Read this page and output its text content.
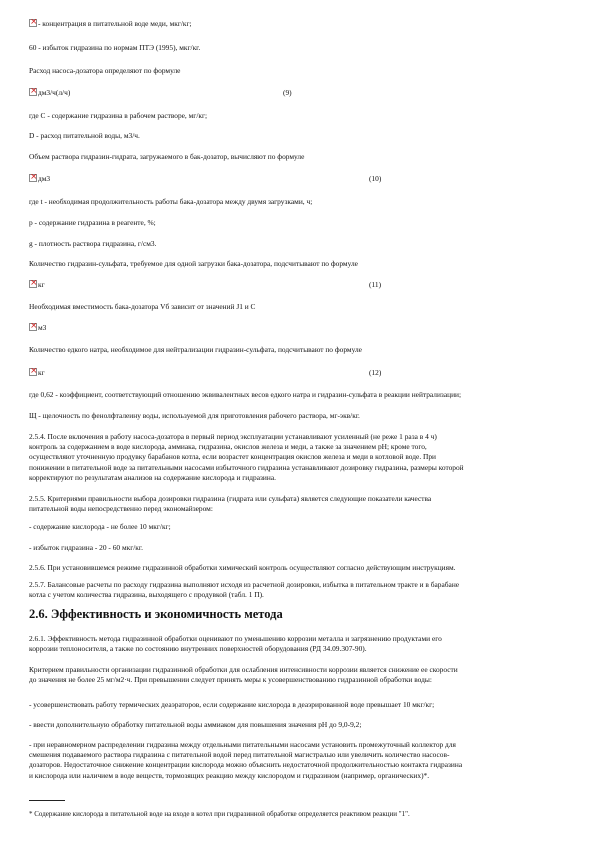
×- концентрация в питательной воде меди, мкг/кг;
60 - избыток гидразина по нормам ПТЭ (1995), мкг/кг.
Расход насоса-дозатора определяют по формуле
×дм3/ч(л/ч)	(9)
где C - содержание гидразина в рабочем растворе, мг/кг;
D - расход питательной воды, м3/ч.
Объем раствора гидразин-гидрата, загружаемого в бак-дозатор, вычисляют по формуле
×дм3	(10)
где t - необходимая продолжительность работы бака-дозатора между двумя загрузками, ч;
p - содержание гидразина в реагенте, %;
g - плотность раствора гидразина, г/см3.
Количество гидразин-сульфата, требуемое для одной загрузки бака-дозатора, подсчитывают по формуле
×кг	(11)
Необходимая вместимость бака-дозатора Vб зависит от значений J1 и C
×м3
Количество едкого натра, необходимое для нейтрализации гидразин-сульфата, подсчитывают по формуле
×кг	(12)
где 0,62 - коэффициент, соответствующий отношению эквивалентных весов едкого натра и гидразин-сульфата в реакции нейтрализации;
Щ - щелочность по фенолфталеину воды, используемой для приготовления рабочего раствора, мг-экв/кг.
2.5.4. После включения в работу насоса-дозатора в первый период эксплуатации устанавливают усиленный (не реже 1 раза в 4 ч)
контроль за содержанием в воде кислорода, аммиака, гидразина, окислов железа и меди, а также за значением pH; кроме того,
осуществляют уточненную продувку барабанов котла, если возрастет концентрация окислов железа и меди в котловой воде. При
понижении в питательной воде за питательными насосами избыточного гидразина устанавливают дозировку гидразина, размеры которой
корректируют по результатам анализов на содержание кислорода и гидразина.
2.5.5. Критериями правильности выбора дозировки гидразина (гидрата или сульфата) является следующие показатели качества
питательной воды непосредственно перед экономайзером:
- содержание кислорода - не более 10 мкг/кг;
- избыток гидразина - 20 - 60 мкг/кг.
2.5.6. При установившемся режиме гидразинной обработки химический контроль осуществляют согласно действующим инструкциям.
2.5.7. Балансовые расчеты по расходу гидразина выполняют исходя из расчетной дозировки, избытка в питательном тракте и в барабане
котла с учетом количества гидразина, выходящего с продувкой (табл. 1 П).
2.6. Эффективность и экономичность метода
2.6.1. Эффективность метода гидразинной обработки оценивают по уменьшению коррозии металла и загрязнению продуктами его
коррозии теплоносителя, а также по состоянию внутренних поверхностей оборудования (РД 34.09.307-90).
Критерием правильности организации гидразинной обработки для ослабления интенсивности коррозии является снижение ее скорости
до значения не более 25 мг/м2·ч. При превышении следует принять меры к усовершенствованию гидразинной обработки воды:
- усовершенствовать работу термических деаэраторов, если содержание кислорода в деаэрированной воде превышает 10 мкг/кг;
- ввести дополнительную обработку питательной воды аммиаком для повышения значения pH до 9,0-9,2;
- при неравномерном распределении гидразина между отдельными питательными насосами установить промежуточный коллектор для
смешения подаваемого раствора гидразина с питательной водой перед питательной магистралью или увеличить количество насосов-
дозаторов. Недостаточное снижение концентрации кислорода можно объяснить недостаточной продолжительностью контакта гидразина
и кислорода или наличием в воде веществ, тормозящих реакцию между кислородом и гидразином (например, органических)*.
* Содержание кислорода в питательной воде на входе в котел при гидразинной обработке определяется реактивом реакции "1".
